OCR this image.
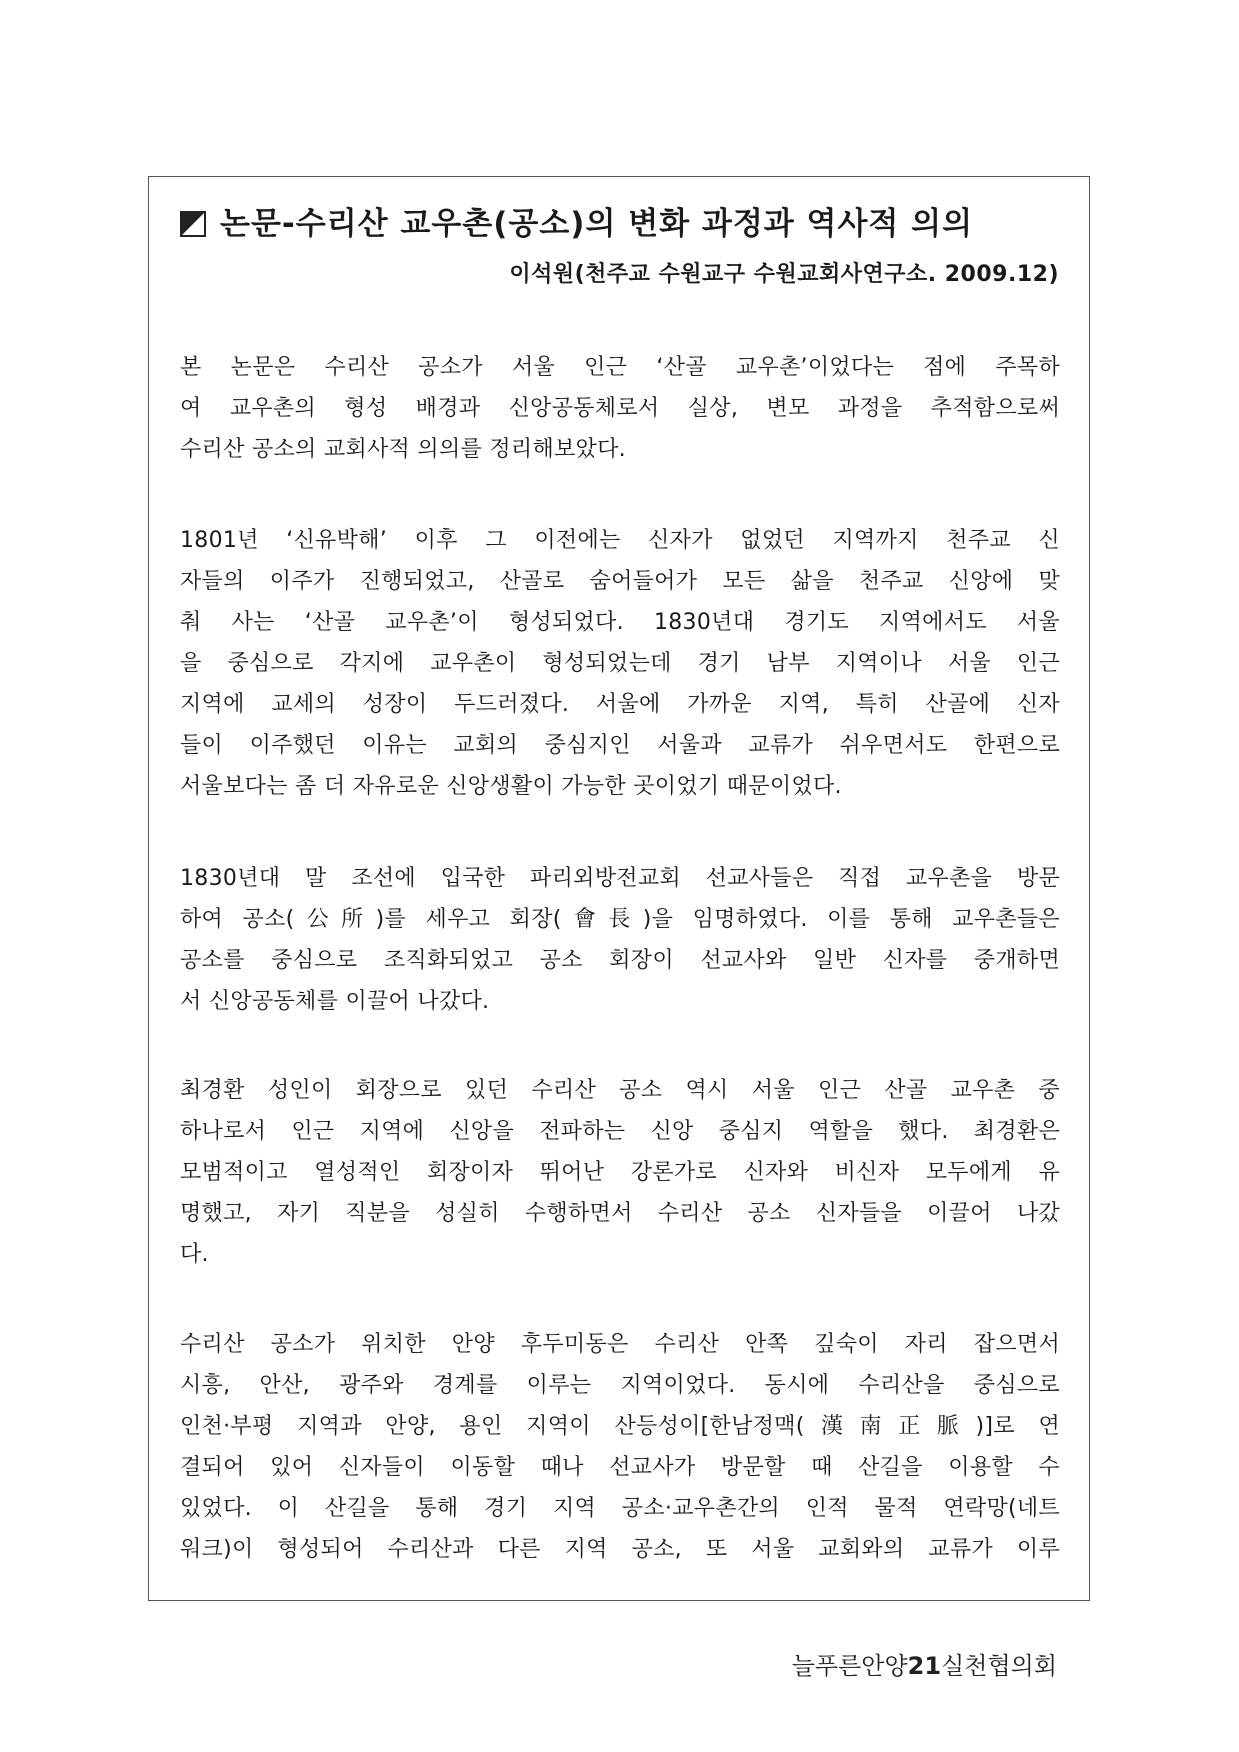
논문-수리산 교우촌(공소)의 변화 과정과 역사적 의의
이석원(천주교 수원교구 수원교회사연구소. 2009.12)
본 논문은 수리산 공소가 서울 인근 ‘산골 교우촌’이었다는 점에 주목하
여 교우촌의 형성 배경과 신앙공동체로서 실상, 변모 과정을 추적함으로써
수리산 공소의 교회사적 의의를 정리해보았다.
1801년 ‘신유박해’ 이후 그 이전에는 신자가 없었던 지역까지 천주교 신
자들의 이주가 진행되었고, 산골로 숨어들어가 모든 삶을 천주교 신앙에 맞
춰 사는 ‘산골 교우촌’이 형성되었다. 1830년대 경기도 지역에서도 서울
을 중심으로 각지에 교우촌이 형성되었는데 경기 남부 지역이나 서울 인근
지역에 교세의 성장이 두드러졌다. 서울에 가까운 지역, 특히 산골에 신자
들이 이주했던 이유는 교회의 중심지인 서울과 교류가 쉬우면서도 한편으로
서울보다는 좀 더 자유로운 신앙생활이 가능한 곳이었기 때문이었다.
1830년대 말 조선에 입국한 파리외방전교회 선교사들은 직접 교우촌을 방문
하여 공소(公所)를 세우고 회장(會長)을 임명하였다. 이를 통해 교우촌들은
공소를 중심으로 조직화되었고 공소 회장이 선교사와 일반 신자를 중개하면
서 신앙공동체를 이끌어 나갔다.
최경환 성인이 회장으로 있던 수리산 공소 역시 서울 인근 산골 교우촌 중
하나로서 인근 지역에 신앙을 전파하는 신앙 중심지 역할을 했다. 최경환은
모범적이고 열성적인 회장이자 뛰어난 강론가로 신자와 비신자 모두에게 유
명했고, 자기 직분을 성실히 수행하면서 수리산 공소 신자들을 이끌어 나갔
다.
수리산 공소가 위치한 안양 후두미동은 수리산 안쪽 깊숙이 자리 잡으면서
시흥, 안산, 광주와 경계를 이루는 지역이었다. 동시에 수리산을 중심으로
인천·부평 지역과 안양, 용인 지역이 산등성이[한남정맥(漢南正脈)]로 연
결되어 있어 신자들이 이동할 때나 선교사가 방문할 때 산길을 이용할 수
있었다. 이 산길을 통해 경기 지역 공소·교우촌간의 인적 물적 연락망(네트
워크)이 형성되어 수리산과 다른 지역 공소, 또 서울 교회와의 교류가 이루
늘푸른안양21실천협의회
